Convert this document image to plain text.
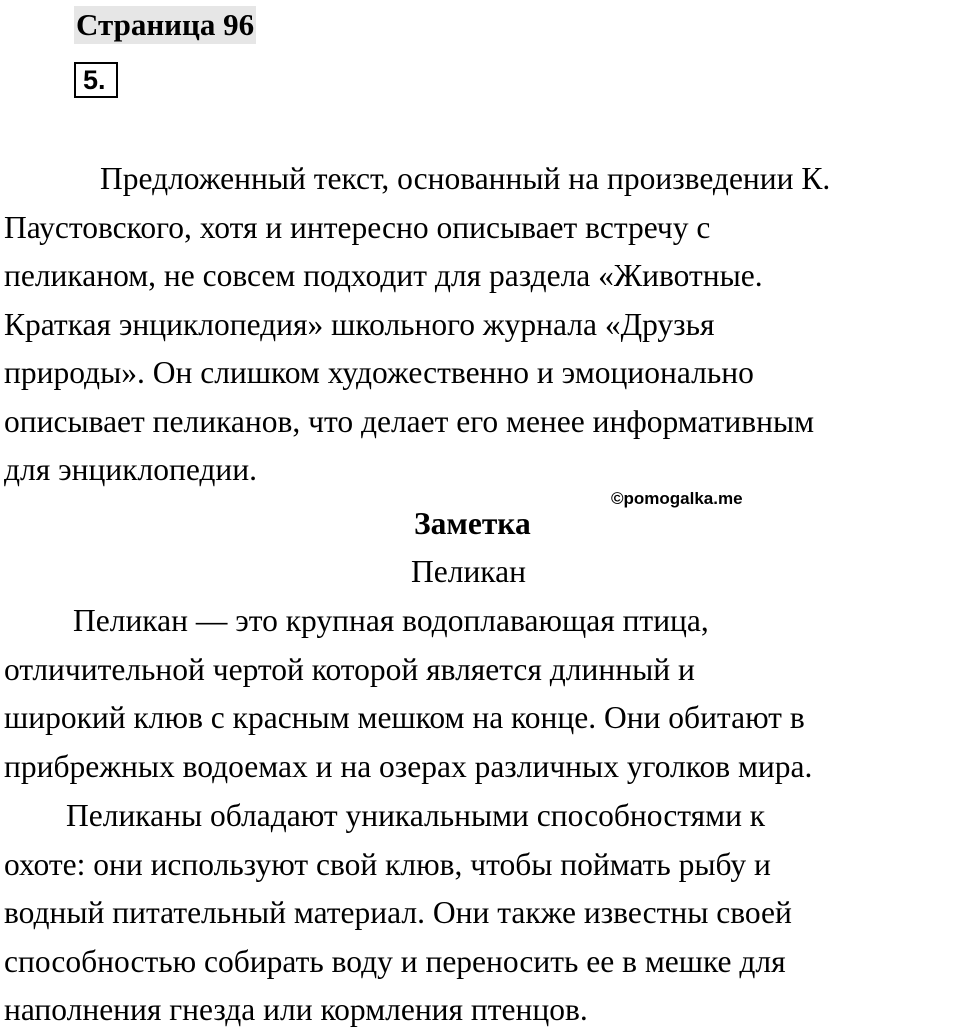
Страница 96
5.

Предложенный текст, основанный на произведении К.

Паустовского, хотя и интересно описывает встречу с

пеликаном, не совсем подходит для раздела «Животные.

Краткая энциклопедия» школьного журнала «Друзья

природы». Он слишком художественно и эмоционально

описывает пеликанов, что делает его менее информативным

для энциклопедии.

©pomogalka.me
Заметка
Пеликан

Пеликан — это крупная водоплавающая птица,

отличительной чертой которой является длинный и

широкий клюв с красным мешком на конце. Они обитают в

прибрежных водоемах и на озерах различных уголков мира.

Пеликаны обладают уникальными способностями к

охоте: они используют свой клюв, чтобы поймать рыбу и

водный питательный материал. Они также известны своей

способностью собирать воду и переносить ее в мешке для

наполнения гнезда или кормления птенцов.
